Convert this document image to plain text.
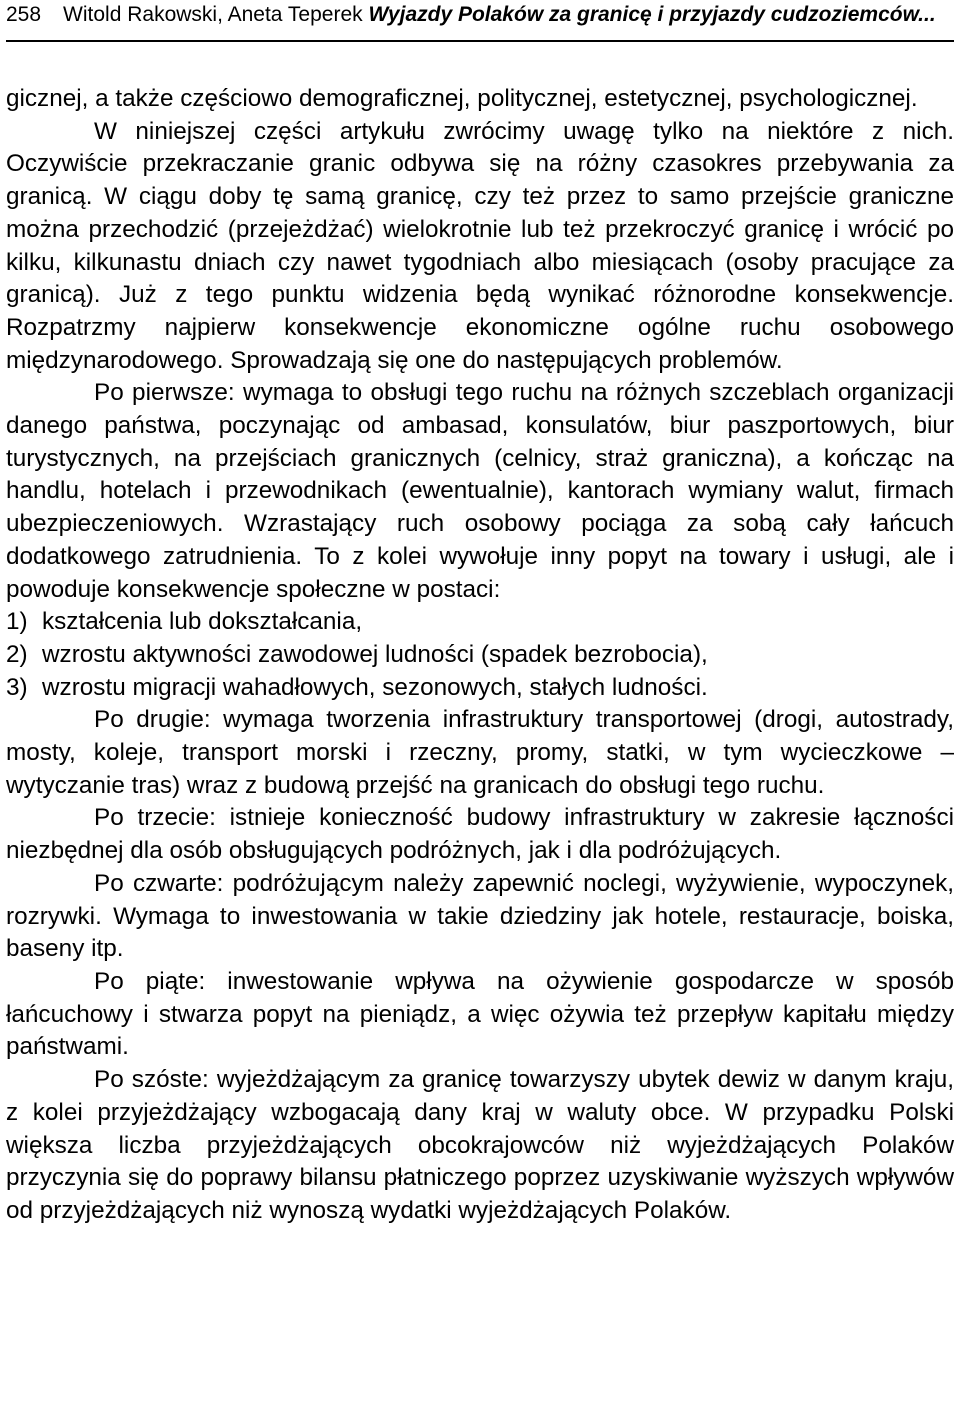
258 Witold Rakowski, Aneta Teperek Wyjazdy Polaków za granicę i przyjazdy cudzoziemców...

gicznej, a także częściowo demograficznej, politycznej, estetycznej, psychologicznej.

W niniejszej części artykułu zwrócimy uwagę tylko na niektóre z nich. Oczywiście przekraczanie granic odbywa się na różny czasokres przebywania za granicą. W ciągu doby tę samą granicę, czy też przez to samo przejście graniczne można przechodzić (przejeżdżać) wielokrotnie lub też przekroczyć granicę i wrócić po kilku, kilkunastu dniach czy nawet tygodniach albo miesiącach (osoby pracujące za granicą). Już z tego punktu widzenia będą wynikać różnorodne konsekwencje. Rozpatrzmy najpierw konsekwencje ekonomiczne ogólne ruchu osobowego międzynarodowego. Sprowadzają się one do następujących problemów.

Po pierwsze: wymaga to obsługi tego ruchu na różnych szczeblach organizacji danego państwa, poczynając od ambasad, konsulatów, biur paszportowych, biur turystycznych, na przejściach granicznych (celnicy, straż graniczna), a kończąc na handlu, hotelach i przewodnikach (ewentualnie), kantorach wymiany walut, firmach ubezpieczeniowych. Wzrastający ruch osobowy pociąga za sobą cały łańcuch dodatkowego zatrudnienia. To z kolei wywołuje inny popyt na towary i usługi, ale i powoduje konsekwencje społeczne w postaci:

1) kształcenia lub dokształcania,
2) wzrostu aktywności zawodowej ludności (spadek bezrobocia),
3) wzrostu migracji wahadłowych, sezonowych, stałych ludności.

Po drugie: wymaga tworzenia infrastruktury transportowej (drogi, autostrady, mosty, koleje, transport morski i rzeczny, promy, statki, w tym wycieczkowe – wytyczanie tras) wraz z budową przejść na granicach do obsługi tego ruchu.

Po trzecie: istnieje konieczność budowy infrastruktury w zakresie łączności niezbędnej dla osób obsługujących podróżnych, jak i dla podróżujących.

Po czwarte: podróżującym należy zapewnić noclegi, wyżywienie, wypoczynek, rozrywki. Wymaga to inwestowania w takie dziedziny jak hotele, restauracje, boiska, baseny itp.

Po piąte: inwestowanie wpływa na ożywienie gospodarcze w sposób łańcuchowy i stwarza popyt na pieniądz, a więc ożywia też przepływ kapitału między państwami.

Po szóste: wyjeżdżającym za granicę towarzyszy ubytek dewiz w danym kraju, z kolei przyjeżdżający wzbogacają dany kraj w waluty obce. W przypadku Polski większa liczba przyjeżdżających obcokrajowców niż wyjeżdżających Polaków przyczynia się do poprawy bilansu płatniczego poprzez uzyskiwanie wyższych wpływów od przyjeżdżających niż wynoszą wydatki wyjeżdżających Polaków.
